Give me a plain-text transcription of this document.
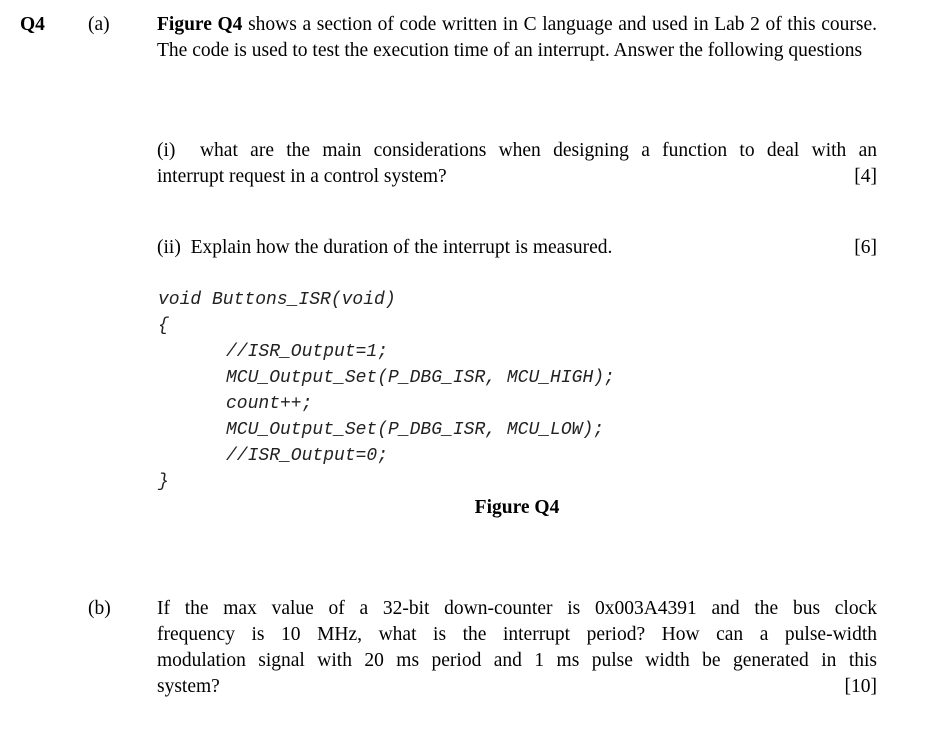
Q4 (a) Figure Q4 shows a section of code written in C language and used in Lab 2 of this course. The code is used to test the execution time of an interrupt. Answer the following questions
(i)  what are the main considerations when designing a function to deal with an
interrupt request in a control system?	[4]
(ii)  Explain how the duration of the interrupt is measured.	[6]
void Buttons_ISR(void)
{
//ISR_Output=1;
MCU_Output_Set(P_DBG_ISR, MCU_HIGH);
count++;
MCU_Output_Set(P_DBG_ISR, MCU_LOW);
//ISR_Output=0;
}
Figure Q4
(b) If the max value of a 32-bit down-counter is 0x003A4391 and the bus clock
frequency is 10 MHz, what is the interrupt period? How can a pulse-width
modulation signal with 20 ms period and 1 ms pulse width be generated in this
system?	[10]
